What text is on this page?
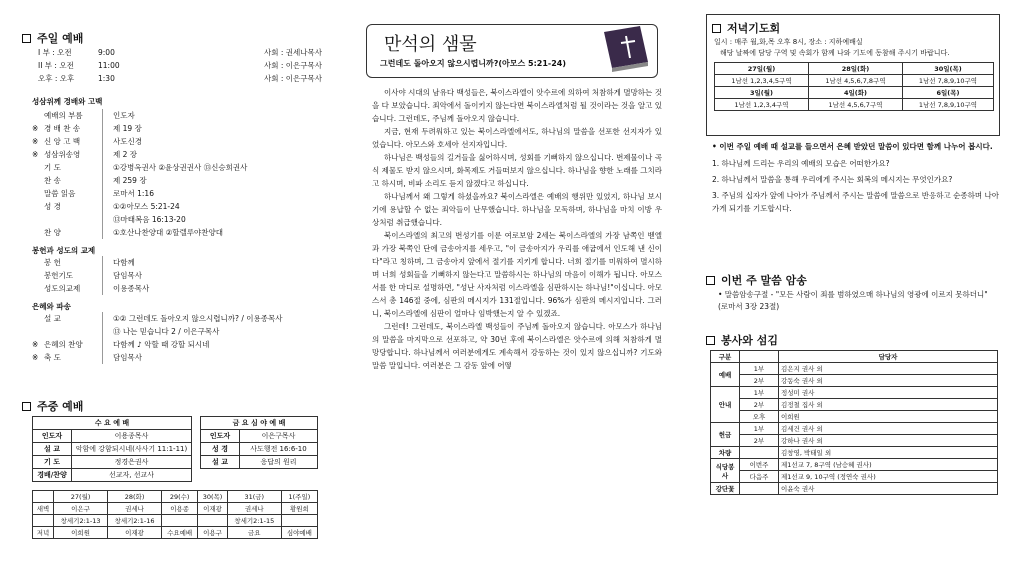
주일 예배
I 부 : 오전	9:00	사회 : 권세나목사
II 부 : 오전	11:00	사회 : 이은구목사
오후 : 오후	1:30	사회 : 이은구목사
성삼위께 경배와 고백
예배의 부름	인도자
※ 경 배 찬 송	제 19 장
※ 신 앙 고 백	사도신경
※ 성삼위송영	제 2 장
기 도	①강병옥권사 ②윤상권권사 ⑬신승희권사
찬 송	제 259 장
말씀 읽음	로마서 1:16
성 경	①②아모스 5:21-24
⑬마태복음 16:13-20
찬 양	①호산나찬양대 ②할렐루야찬양대
봉헌과 성도의 교제
봉 헌	다함께
봉헌기도	담임목사
성도의교제	이용종목사
은혜와 파송
설 교	①② 그런데도 돌아오지 않으시렵니까? / 이용종목사
⑬ 나는 믿습니다 2 / 이은구목사
※ 은혜의 찬양	다함께 ♪ 악할 때 강할 되시네
※ 축 도	담임목사
주중 예배
수 요 예 배	
인도자	이용종목사
설 교	악함에 강함되시네(사사기 11:1-11)
기 도	정경은권사
경배/찬양	선교자, 선교사
금 요 심 야 예 배	
인도자	이은구목사
성 경	사도행전 16:6-10
설 교	응답의 원리
	27(월)	28(화)	29(수)	30(목)	31(금)	1(주일)
새벽	이은구	권세나	이용종	이재광	권세나	황원희
	창세기2:1-13	창세기2:1-16			창세기2:1-15	
저녁	이희원	이재광	수요예배	이용구	금요	심야예배
만석의 샘물
그런데도 돌아오지 않으시렵니까?(아모스 5:21-24)

이사야 시대의 남유다 백성들은, 북이스라엘이 앗수르에 의하여 처참하게 멸망하는 것을 다 보았습니다. 죄악에서 돌이키지 않는다면 북이스라엘처럼 될 것이라는 것을 알고 있습니다. 그런데도, 주님께 돌아오지 않습니다.

지금, 현재 두려워하고 있는 북이스라엘에서도, 하나님의 말씀을 선포한 선지자가 있었습니다. 아모스와 호세아 선지자입니다.

하나님은 백성들의 길거들을 싫어하시며, 성회를 기뻐하지 않으십니다. 번제물이나 곡식 제물도 받지 않으시며, 화목제도 거들떠보지 않으십니다. 하나님을 향한 노래를 그치라고 하시며, 비파 소리도 듣지 않겠다고 하십니다.

하나님께서 왜 그렇게 하셨을까요? 북이스라엘은 예배의 행위만 있었지, 하나님 보시기에 용납할 수 없는 죄악들이 난무했습니다. 하나님을 모독하며, 하나님을 마치 이방 우상처럼 취급했습니다.

북이스라엘의 최고의 번성기를 이룬 여로보암 2세는 북이스라엘의 가장 남쪽인 벧엘과 가장 북쪽인 단에 금송아지를 세우고, "이 금송아지가 우리를 애굽에서 인도해 낸 신이다"라고 칭하며, 그 금송아지 앞에서 절기를 지키게 합니다. 너희 절기를 미워하여 멸시하며 너희 성회들을 기뻐하지 않는다고 말씀하시는 하나님의 마음이 이해가 됩니다. 아모스서를 한 마디로 설명하면, "성난 사자처럼 이스라엘을 심판하시는 하나님!"이십니다. 아모스서 총 146절 중에, 심판의 메시지가 131절입니다. 96%가 심판의 메시지입니다. 그러니, 북이스라엘에 심판이 얼마나 임박했는지 알 수 있겠죠.

그런데! 그런데도, 북이스라엘 백성들이 주님께 돌아오지 않습니다. 아모스가 하나님의 말씀을 마지막으로 선포하고, 약 30년 후에 북이스라엘은 앗수르에 의해 처참하게 멸망당합니다. 하나님께서 여러분에게도 계속해서 강동하는 것이 있지 않으십니까? 기도와 말씀 말입니다. 여러분은 그 감동 앞에 어떻

저녁기도회
일시 : 매주 월,화,목 오후 8시, 장소 : 지하예배실
해당 날짜에 담당 구역 및 속회가 함께 나와 기도에 동참해 주시기 바랍니다.
27일(월)	28일(화)	30일(목)
1남선 1,2,3,4,5구역	1남선 4,5,6,7,8구역	1남선 7,8,9,10구역
3일(월)	4일(화)	6일(목)
1남선 1,2,3,4구역	1남선 4,5,6,7구역	1남선 7,8,9,10구역
• 이번 주일 예배 때 설교를 들으면서 은혜 받았던 말씀이 있다면 함께 나누어 봅시다.
1. 하나님께 드리는 우리의 예배의 모습은 어떠한가요?
2. 하나님께서 말씀을 통해 우리에게 주시는 회복의 메시지는 무엇인가요?
3. 주님의 십자가 앞에 나아가 주님께서 주시는 말씀에 말씀으로 반응하고 순종하며 나아가게 되기를 기도합시다.
이번 주 말씀 암송
• 말씀암송구절 - "모든 사람이 죄를 범하였으매 하나님의 영광에 이르지 못하더니" (로마서 3장 23절)
봉사와 섬김
구분		담당자
예배	1부	김은지 권사 외
	2부	강동숙 권사 외
안내	1부	정성미 권사
	2부	김정철 집사 외
	오후	이희원
헌금	1부	김세건 권사 외
	2부	강하나 권사 외
차량		김창영, 박태일 외
식당봉사	이번주	제1선교 7, 8구역 (남승혜 권사)
	다음주	제1선교 9, 10구역 (정연숙 권사)
강단꽃		이윤숙 권사
